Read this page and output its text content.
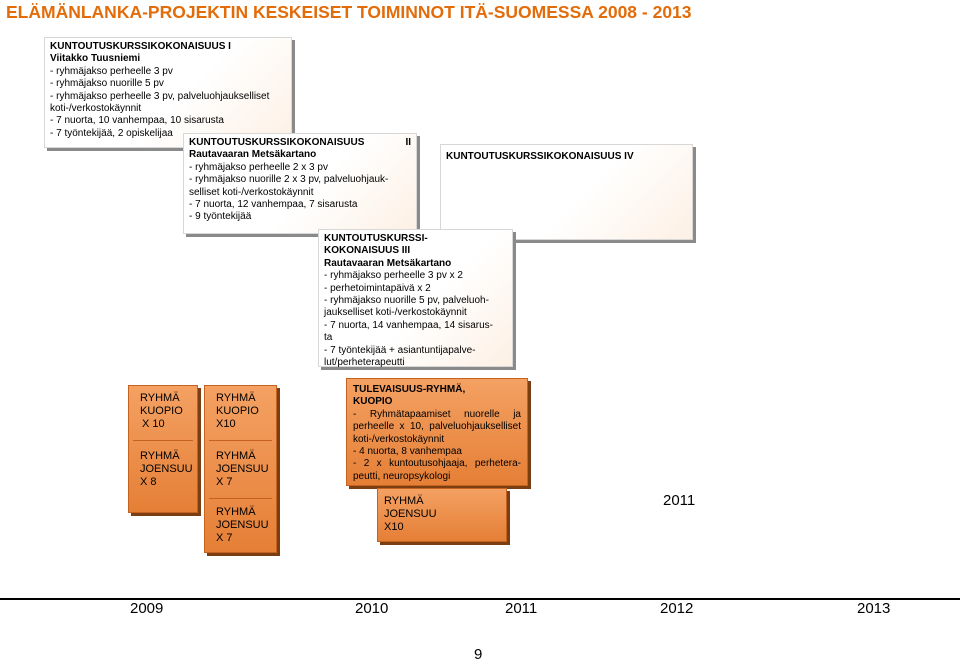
ELÄMÄNLANKA-PROJEKTIN KESKEISET TOIMINNOT ITÄ-SUOMESSA 2008 - 2013
KUNTOUTUSKURSSIKOKONAISUUS I
Viitakko Tuusniemi
- ryhmäjakso perheelle 3 pv
- ryhmäjakso nuorille 5 pv
- ryhmäjakso perheelle 3 pv, palveluohjaukselliset
koti-/verkostokäynnit
- 7 nuorta, 10 vanhempaa, 10 sisarusta
- 7 työntekijää, 2 opiskelijaa
KUNTOUTUSKURSSIKOKONAISUUS	II
Rautavaaran Metsäkartano
- ryhmäjakso perheelle 2 x 3 pv
- ryhmäjakso nuorille 2 x 3 pv, palveluohjauk-
selliset koti-/verkostokäynnit
- 7 nuorta, 12 vanhempaa, 7 sisarusta
- 9 työntekijää
KUNTOUTUSKURSSIKOKONAISUUS IV
KUNTOUTUSKURSSI-
KOKONAISUUS III
Rautavaaran Metsäkartano
- ryhmäjakso perheelle 3 pv x 2
- perhetoimintapäivä x 2
- ryhmäjakso nuorille 5 pv, palveluoh-
jaukselliset koti-/verkostokäynnit
- 7 nuorta, 14 vanhempaa, 14 sisarus-
ta
- 7 työntekijää + asiantuntijapalve-
lut/perheterapeutti
RYHMÄ
KUOPIO
X 10
RYHMÄ
JOENSUU
X 8
RYHMÄ
KUOPIO
X10
RYHMÄ
JOENSUU
X 7
RYHMÄ
JOENSUU
X 7
TULEVAISUUS-RYHMÄ,
KUOPIO
- Ryhmätapaamiset nuorelle ja
perheelle x 10, palveluohjaukselliset
koti-/verkostokäynnit
- 4 nuorta, 8 vanhempaa
- 2 x kuntoutusohjaaja, perhetera-
peutti, neuropsykologi
RYHMÄ
JOENSUU
X10
2011
2009	2010	2011	2012	2013
9
